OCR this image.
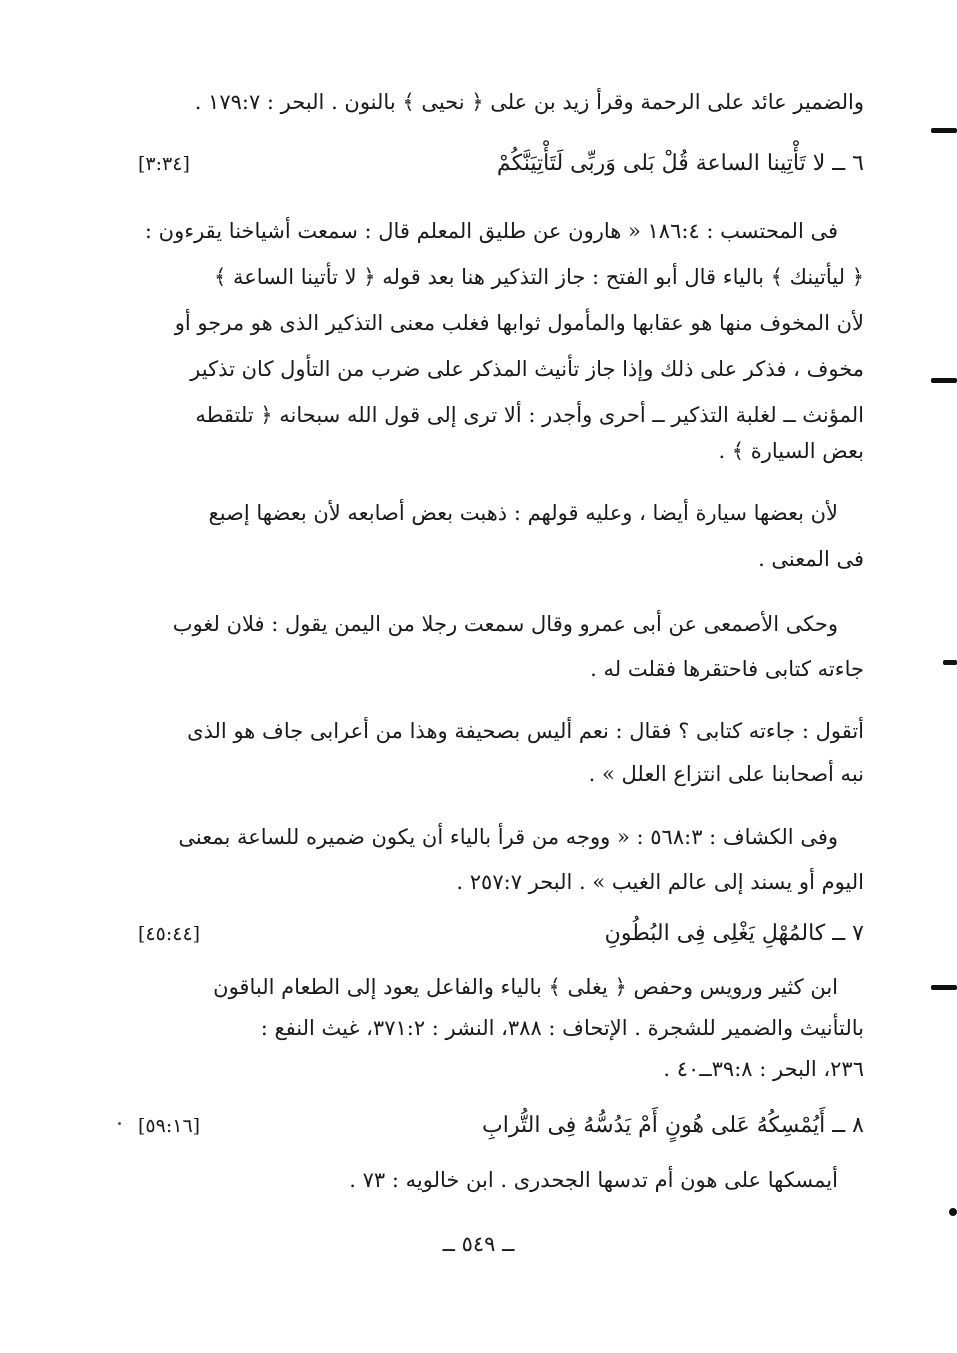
والضمير عائد على الرحمة وقرأ زيد بن على ﴿ نحيى ﴾ بالنون . البحر : ١٧٩:٧ .
٦ ــ لا تَأْتِينا الساعة قُلْ بَلى وَربِّى لَتَأْتِيَنَّكُمْ
[٣:٣٤]
فى المحتسب : ١٨٦:٤ « هارون عن طليق المعلم قال : سمعت أشياخنا يقرءون :
﴿ ليأتينك ﴾ بالياء قال أبو الفتح : جاز التذكير هنا بعد قوله ﴿ لا تأتينا الساعة ﴾
لأن المخوف منها هو عقابها والمأمول ثوابها فغلب معنى التذكير الذى هو مرجو أو
مخوف ، فذكر على ذلك وإذا جاز تأنيث المذكر على ضرب من التأول كان تذكير
المؤنث ــ لغلبة التذكير ــ أحرى وأجدر : ألا ترى إلى قول الله سبحانه ﴿ تلتقطه
بعض السيارة ﴾ .
لأن بعضها سيارة أيضا ، وعليه قولهم : ذهبت بعض أصابعه لأن بعضها إصبع
فى المعنى .
وحكى الأصمعى عن أبى عمرو وقال سمعت رجلا من اليمن يقول : فلان لغوب
جاءته كتابى فاحتقرها فقلت له .
أتقول : جاءته كتابى ؟ فقال : نعم أليس بصحيفة وهذا من أعرابى جاف هو الذى
نبه أصحابنا على انتزاع العلل » .
وفى الكشاف : ٥٦٨:٣ : « ووجه من قرأ بالياء أن يكون ضميره للساعة بمعنى
اليوم أو يسند إلى عالم الغيب » . البحر ٢٥٧:٧ .
٧ ــ كالمُهْلِ يَغْلِى فِى البُطُونِ
[٤٥:٤٤]
ابن كثير ورويس وحفص ﴿ يغلى ﴾ بالياء والفاعل يعود إلى الطعام الباقون
بالتأنيث والضمير للشجرة . الإتحاف : ٣٨٨، النشر : ٣٧١:٢، غيث النفع :
٢٣٦، البحر : ٣٩:٨ــ٤٠ .
٨ ــ أَيُمْسِكُهُ عَلى هُونٍ أَمْ يَدُسُّهُ فِى التُّرابِ
[٥٩:١٦]
أيمسكها على هون أم تدسها الجحدرى . ابن خالويه : ٧٣ .
ــ ٥٤٩ ــ
